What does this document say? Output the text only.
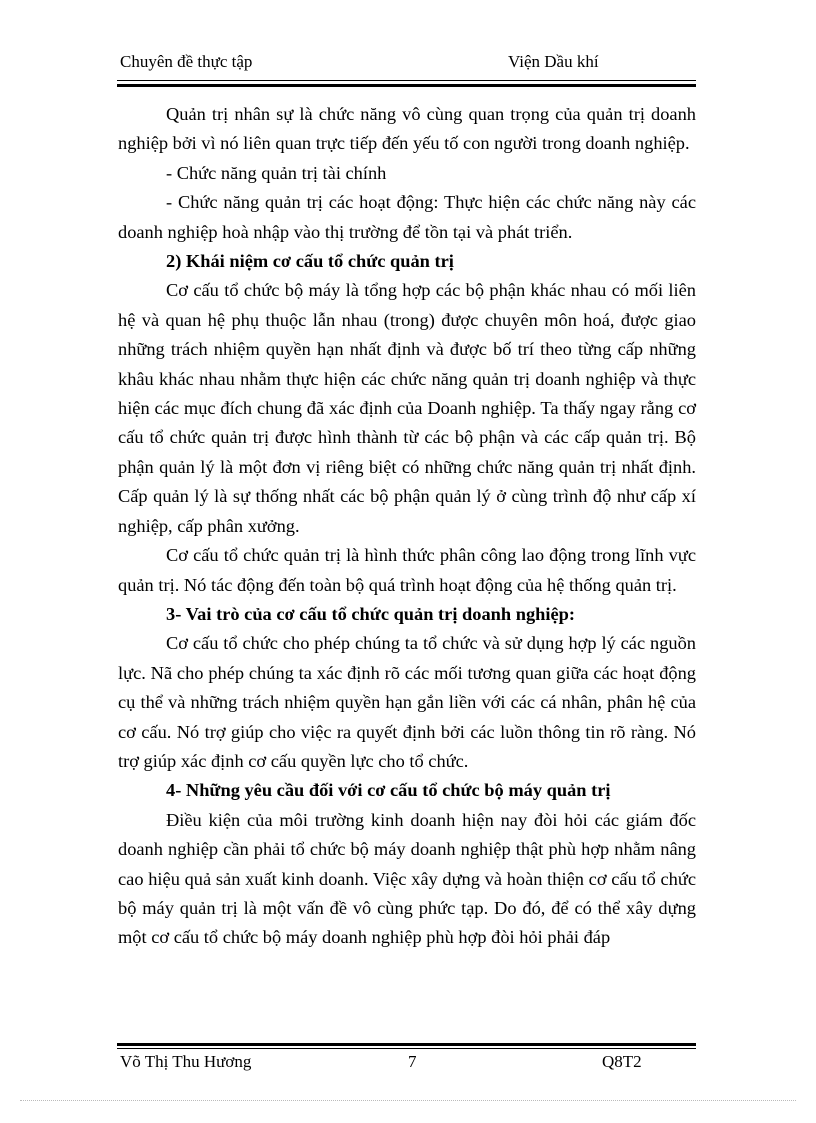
Chuyên đề thực tập	Viện Dầu khí

Quản trị nhân sự là chức năng vô cùng quan trọng của quản trị doanh nghiệp bởi vì nó liên quan trực tiếp đến yếu tố con người trong doanh nghiệp.

- Chức năng quản trị tài chính

- Chức năng quản trị các hoạt động: Thực hiện các chức năng này các doanh nghiệp hoà nhập vào thị trường để tồn tại và phát triển.

2) Khái niệm cơ cấu tổ chức quản trị

Cơ cấu tổ chức bộ máy là tổng hợp các bộ phận khác nhau có mối liên hệ và quan hệ phụ thuộc lẫn nhau (trong) được chuyên môn hoá, được giao những trách nhiệm quyền hạn nhất định và được bố trí theo từng cấp những khâu khác nhau nhằm thực hiện các chức năng quản trị doanh nghiệp và thực hiện các mục đích chung đã xác định của Doanh nghiệp. Ta thấy ngay rằng cơ cấu tổ chức quản trị được hình thành từ các bộ phận và các cấp quản trị. Bộ phận quản lý là một đơn vị riêng biệt có những chức năng quản trị nhất định. Cấp quản lý là sự thống nhất các bộ phận quản lý ở cùng trình độ như cấp xí nghiệp, cấp phân xưởng.

Cơ cấu tổ chức quản trị là hình thức phân công lao động trong lĩnh vực quản trị. Nó tác động đến toàn bộ quá trình hoạt động của hệ thống quản trị.

3- Vai trò của cơ cấu tổ chức quản trị doanh nghiệp:

Cơ cấu tổ chức cho phép chúng ta tổ chức và sử dụng hợp lý các nguồn lực. Nã cho phép chúng ta xác định rõ các mối tương quan giữa các hoạt động cụ thể và những trách nhiệm quyền hạn gắn liền với các cá nhân, phân hệ của cơ cấu. Nó trợ giúp cho việc ra quyết định bởi các luồn thông tin rõ ràng. Nó trợ giúp xác định cơ cấu quyền lực cho tổ chức.

4- Những yêu cầu đối với cơ cấu tổ chức bộ máy quản trị

Điều kiện của môi trường kinh doanh hiện nay đòi hỏi các giám đốc doanh nghiệp cần phải tổ chức bộ máy doanh nghiệp thật phù hợp nhằm nâng cao hiệu quả sản xuất kinh doanh. Việc xây dựng và hoàn thiện cơ cấu tổ chức bộ máy quản trị là một vấn đề vô cùng phức tạp. Do đó, để có thể xây dựng một cơ cấu tổ chức bộ máy doanh nghiệp phù hợp đòi hỏi phải đáp

Võ Thị Thu Hương	7	Q8T2
